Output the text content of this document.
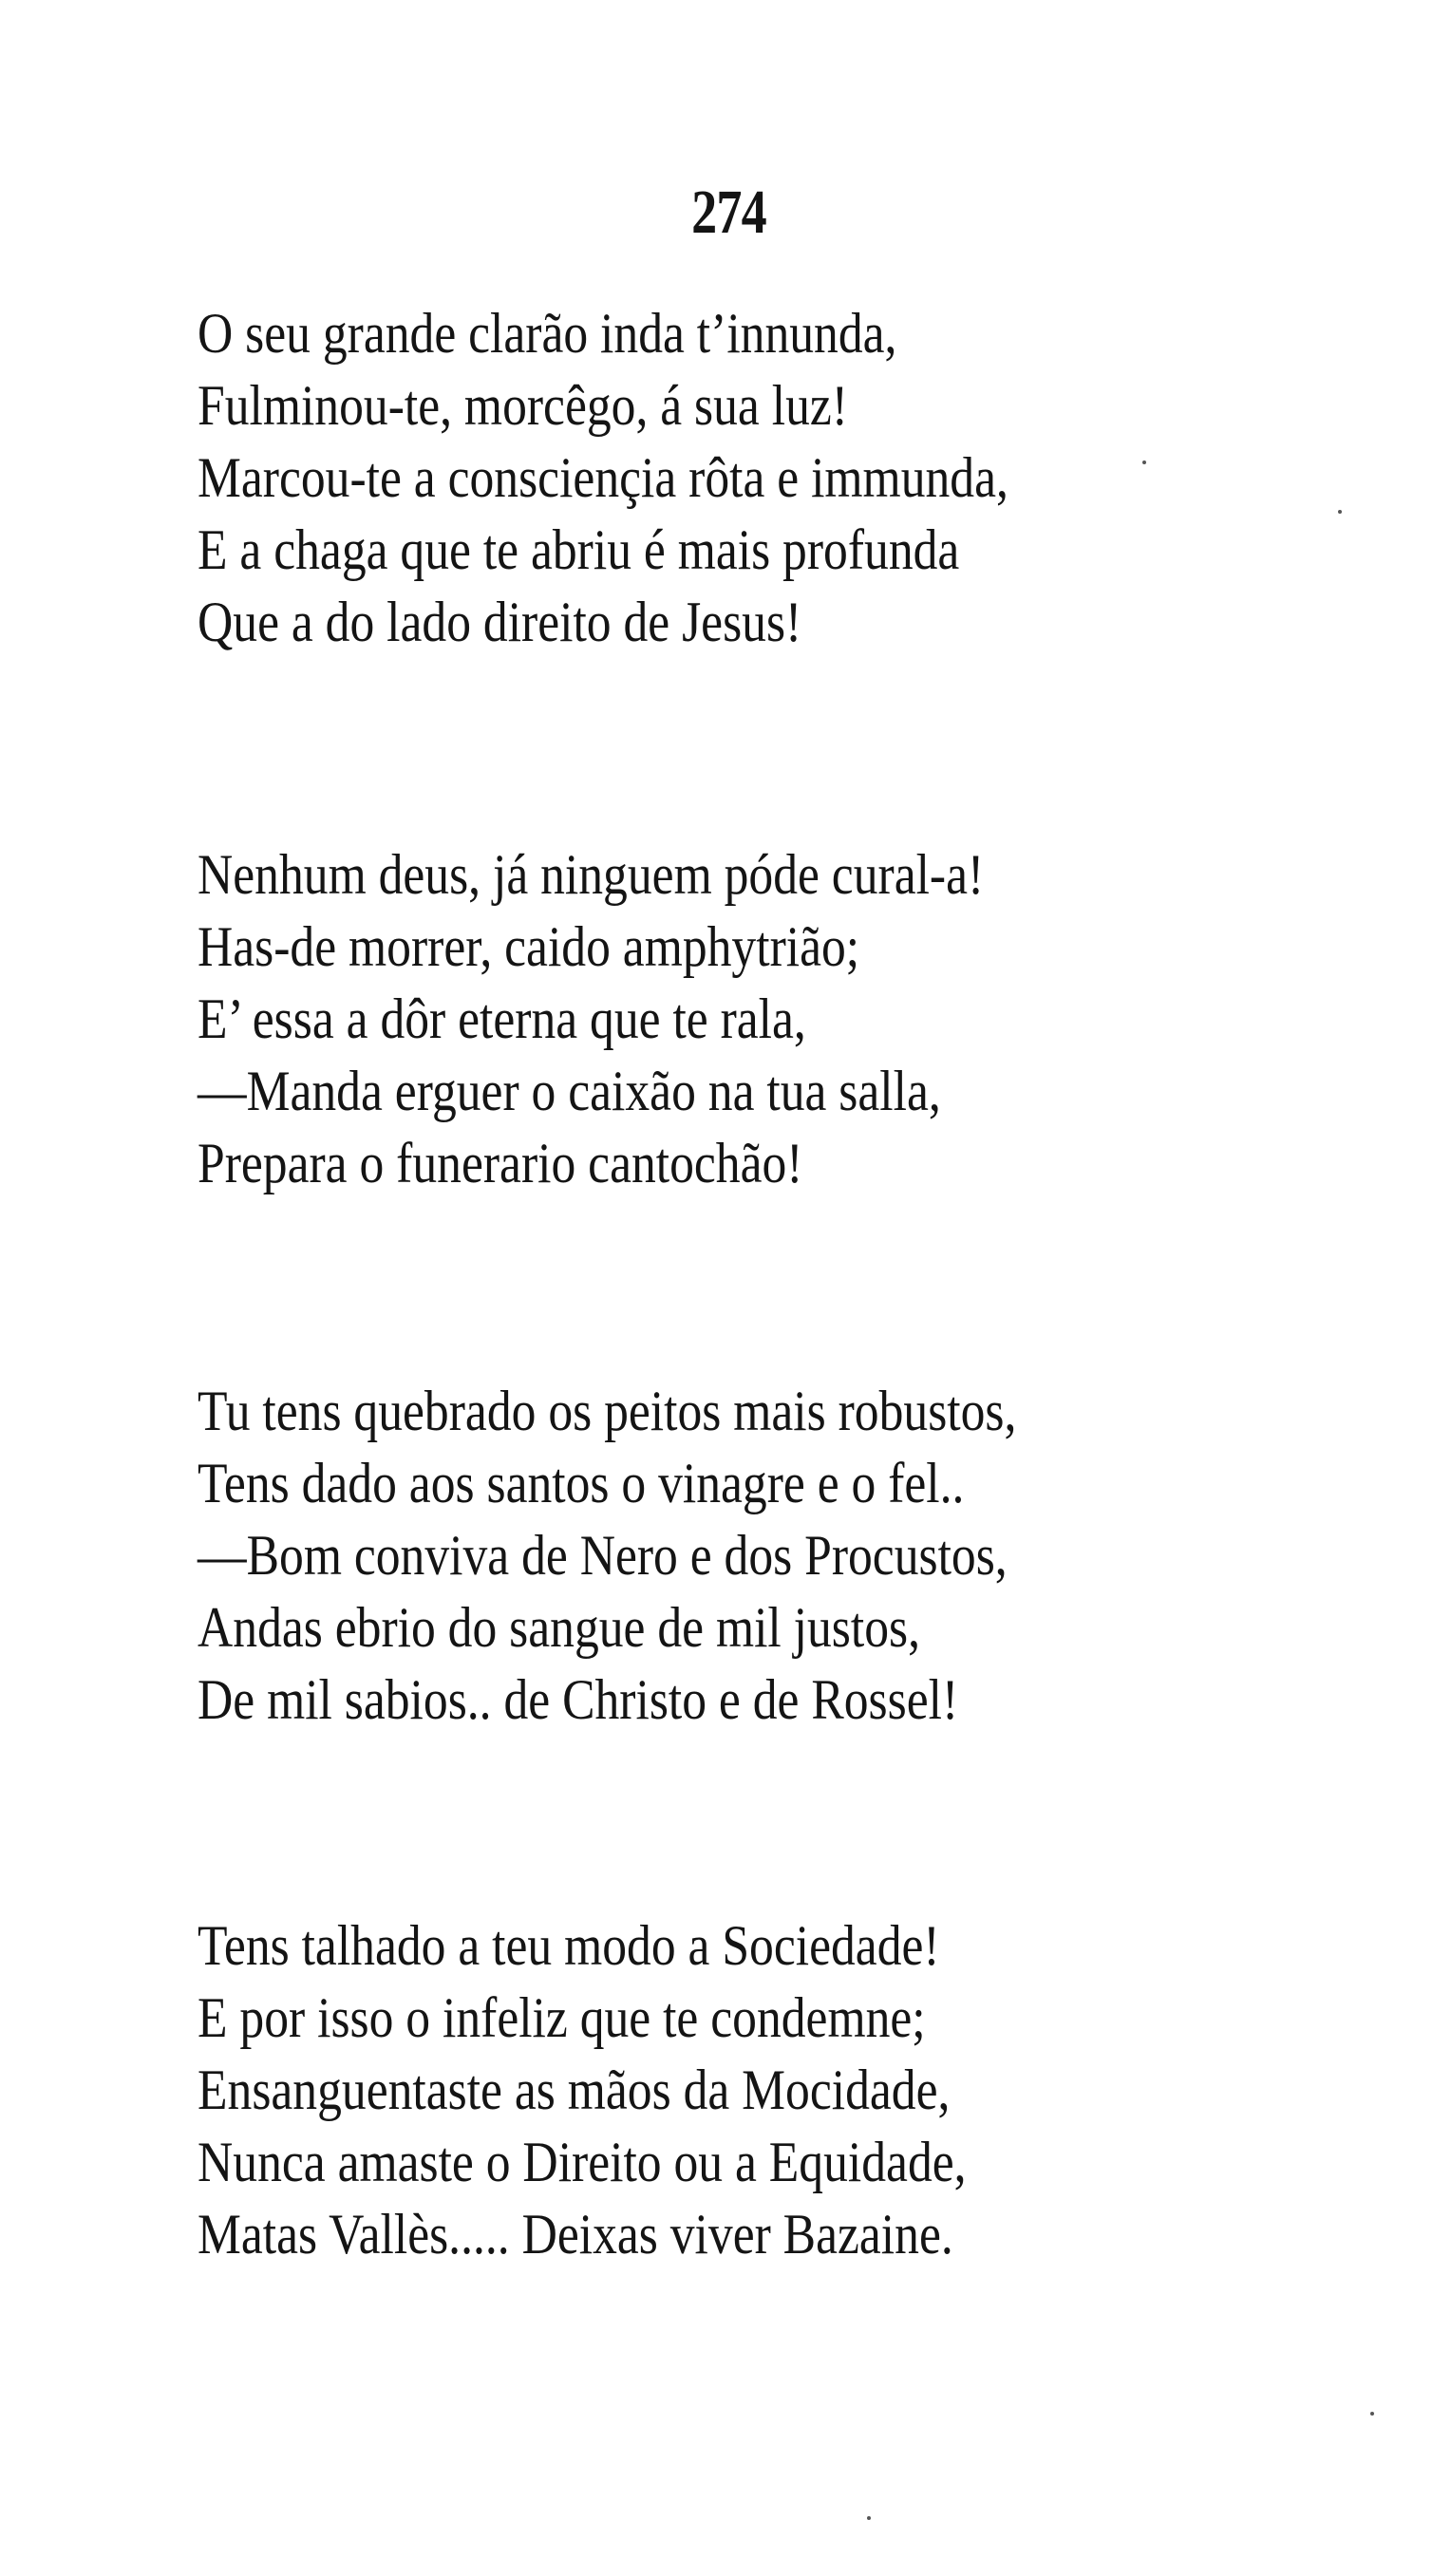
274
O seu grande clarão inda t’innunda,
Fulminou-te, morcêgo, á sua luz!
Marcou-te a consciençia rôta e immunda,
E a chaga que te abriu é mais profunda
Que a do lado direito de Jesus!
Nenhum deus, já ninguem póde cural-a!
Has-de morrer, caido amphytrião;
E’ essa a dôr eterna que te rala,
—Manda erguer o caixão na tua salla,
Prepara o funerario cantochão!
Tu tens quebrado os peitos mais robustos,
Tens dado aos santos o vinagre e o fel..
—Bom conviva de Nero e dos Procustos,
Andas ebrio do sangue de mil justos,
De mil sabios.. de Christo e de Rossel!
Tens talhado a teu modo a Sociedade!
E por isso o infeliz que te condemne;
Ensanguentaste as mãos da Mocidade,
Nunca amaste o Direito ou a Equidade,
Matas Vallès..... Deixas viver Bazaine.
